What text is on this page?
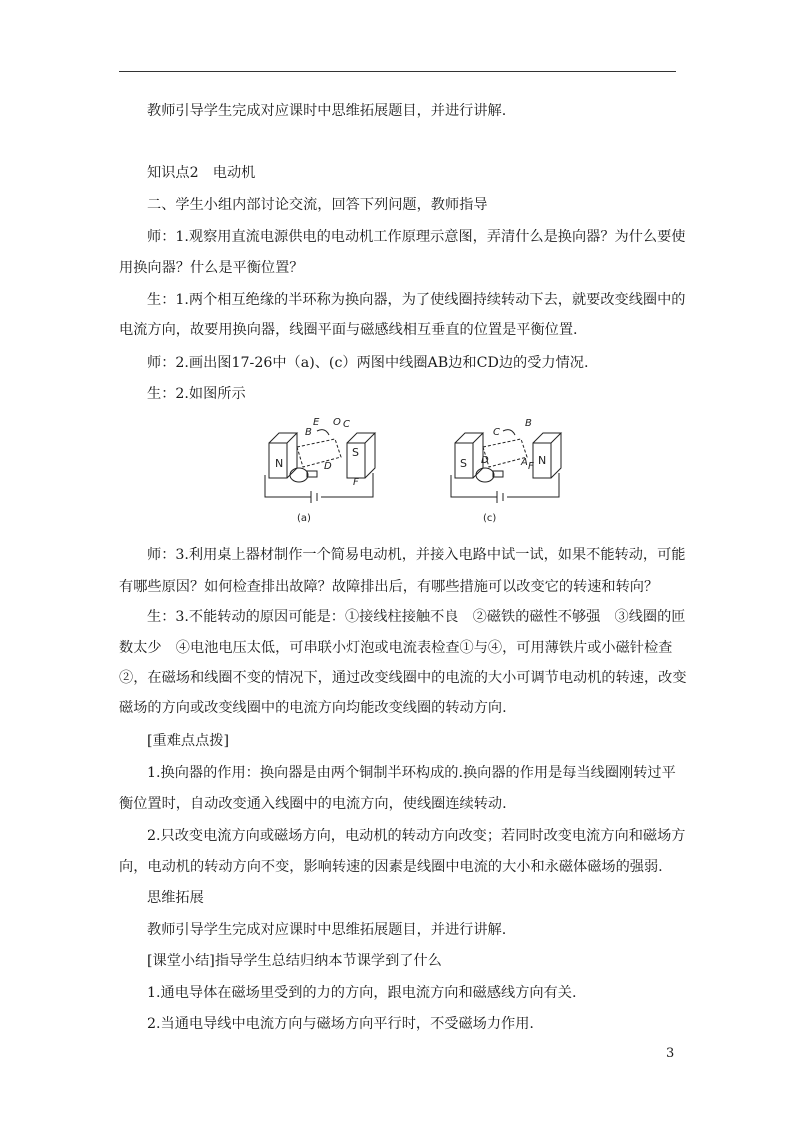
教师引导学生完成对应课时中思维拓展题目，并进行讲解.
知识点2　电动机
二、学生小组内部讨论交流，回答下列问题，教师指导
师：1.观察用直流电源供电的电动机工作原理示意图，弄清什么是换向器？为什么要使
用换向器？什么是平衡位置？
生：1.两个相互绝缘的半环称为换向器，为了使线圈持续转动下去，就要改变线圈中的
电流方向，故要用换向器，线圈平面与磁感线相互垂直的位置是平衡位置.
师：2.画出图17-26中（a)、(c）两图中线圈AB边和CD边的受力情况.
生：2.如图所示
师：3.利用桌上器材制作一个简易电动机，并接入电路中试一试，如果不能转动，可能
有哪些原因？如何检查排出故障？故障排出后，有哪些措施可以改变它的转速和转向？
生：3.不能转动的原因可能是：①接线柱接触不良　②磁铁的磁性不够强　③线圈的匝
数太少　④电池电压太低，可串联小灯泡或电流表检查①与④，可用薄铁片或小磁针检查
②，在磁场和线圈不变的情况下，通过改变线圈中的电流的大小可调节电动机的转速，改变
磁场的方向或改变线圈中的电流方向均能改变线圈的转动方向.
[重难点点拨]
1.换向器的作用：换向器是由两个铜制半环构成的.换向器的作用是每当线圈刚转过平
衡位置时，自动改变通入线圈中的电流方向，使线圈连续转动.
2.只改变电流方向或磁场方向，电动机的转动方向改变；若同时改变电流方向和磁场方
向，电动机的转动方向不变，影响转速的因素是线圈中电流的大小和永磁体磁场的强弱.
思维拓展
教师引导学生完成对应课时中思维拓展题目，并进行讲解.
[课堂小结]指导学生总结归纳本节课学到了什么
1.通电导体在磁场里受到的力的方向，跟电流方向和磁感线方向有关.
2.当通电导线中电流方向与磁场方向平行时，不受磁场力作用.
N
S
E
B
O C
D
F
(a)
S	N
C
B
D	A F
(c)
3
